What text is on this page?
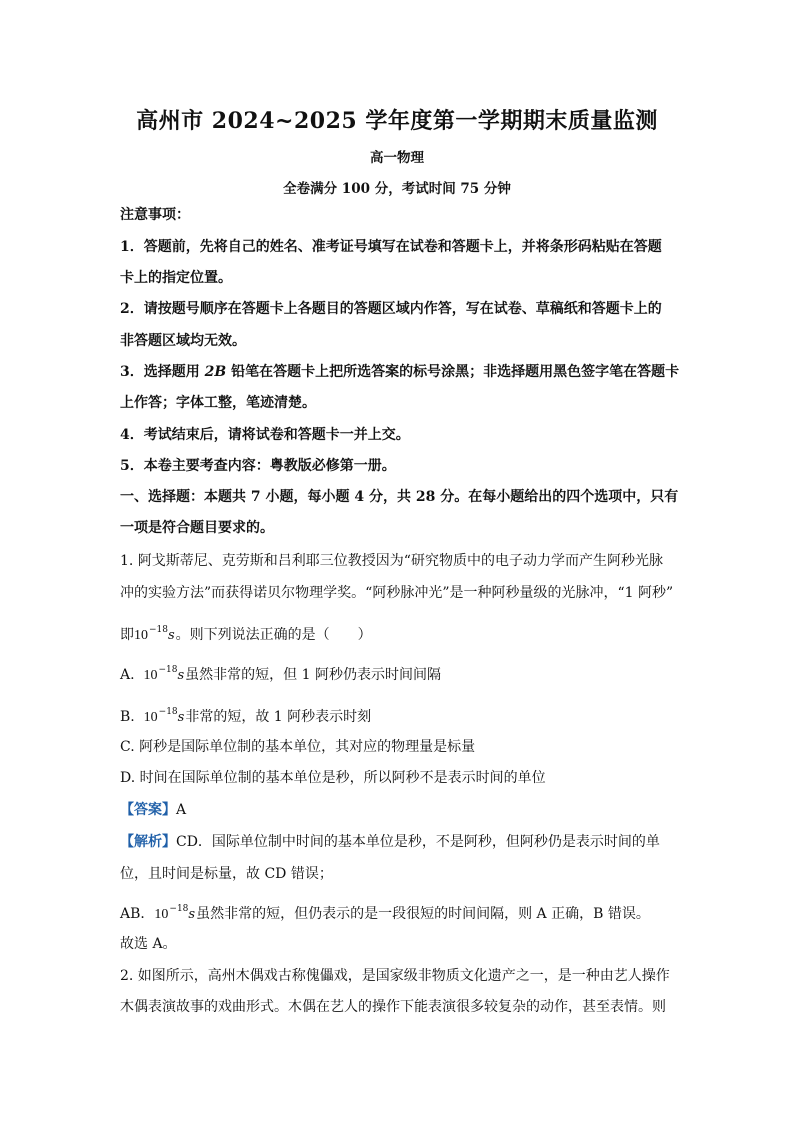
高州市 2024~2025 学年度第一学期期末质量监测
高一物理
全卷满分 100 分，考试时间 75 分钟
注意事项：
1．答题前，先将自己的姓名、准考证号填写在试卷和答题卡上，并将条形码粘贴在答题
卡上的指定位置。
2．请按题号顺序在答题卡上各题目的答题区域内作答，写在试卷、草稿纸和答题卡上的
非答题区域均无效。
3．选择题用 2B 铅笔在答题卡上把所选答案的标号涂黑；非选择题用黑色签字笔在答题卡
上作答；字体工整，笔迹清楚。
4．考试结束后，请将试卷和答题卡一并上交。
5．本卷主要考查内容：粤教版必修第一册。
一、选择题：本题共 7 小题，每小题 4 分，共 28 分。在每小题给出的四个选项中，只有
一项是符合题目要求的。
1. 阿戈斯蒂尼、克劳斯和吕利耶三位教授因为“研究物质中的电子动力学而产生阿秒光脉
冲的实验方法”而获得诺贝尔物理学奖。“阿秒脉冲光”是一种阿秒量级的光脉冲，“1 阿秒”
即$10^{-18}s$。则下列说法正确的是（　　）
A. $10^{-18}s$虽然非常的短，但 1 阿秒仍表示时间间隔
B. $10^{-18}s$非常的短，故 1 阿秒表示时刻
C. 阿秒是国际单位制的基本单位，其对应的物理量是标量
D. 时间在国际单位制的基本单位是秒，所以阿秒不是表示时间的单位
【答案】A
【解析】CD．国际单位制中时间的基本单位是秒，不是阿秒，但阿秒仍是表示时间的单
位，且时间是标量，故 CD 错误；
AB．$10^{-18}s$虽然非常的短，但仍表示的是一段很短的时间间隔，则 A 正确，B 错误。
故选 A。
2. 如图所示，高州木偶戏古称傀儡戏，是国家级非物质文化遗产之一，是一种由艺人操作
木偶表演故事的戏曲形式。木偶在艺人的操作下能表演很多较复杂的动作，甚至表情。则
